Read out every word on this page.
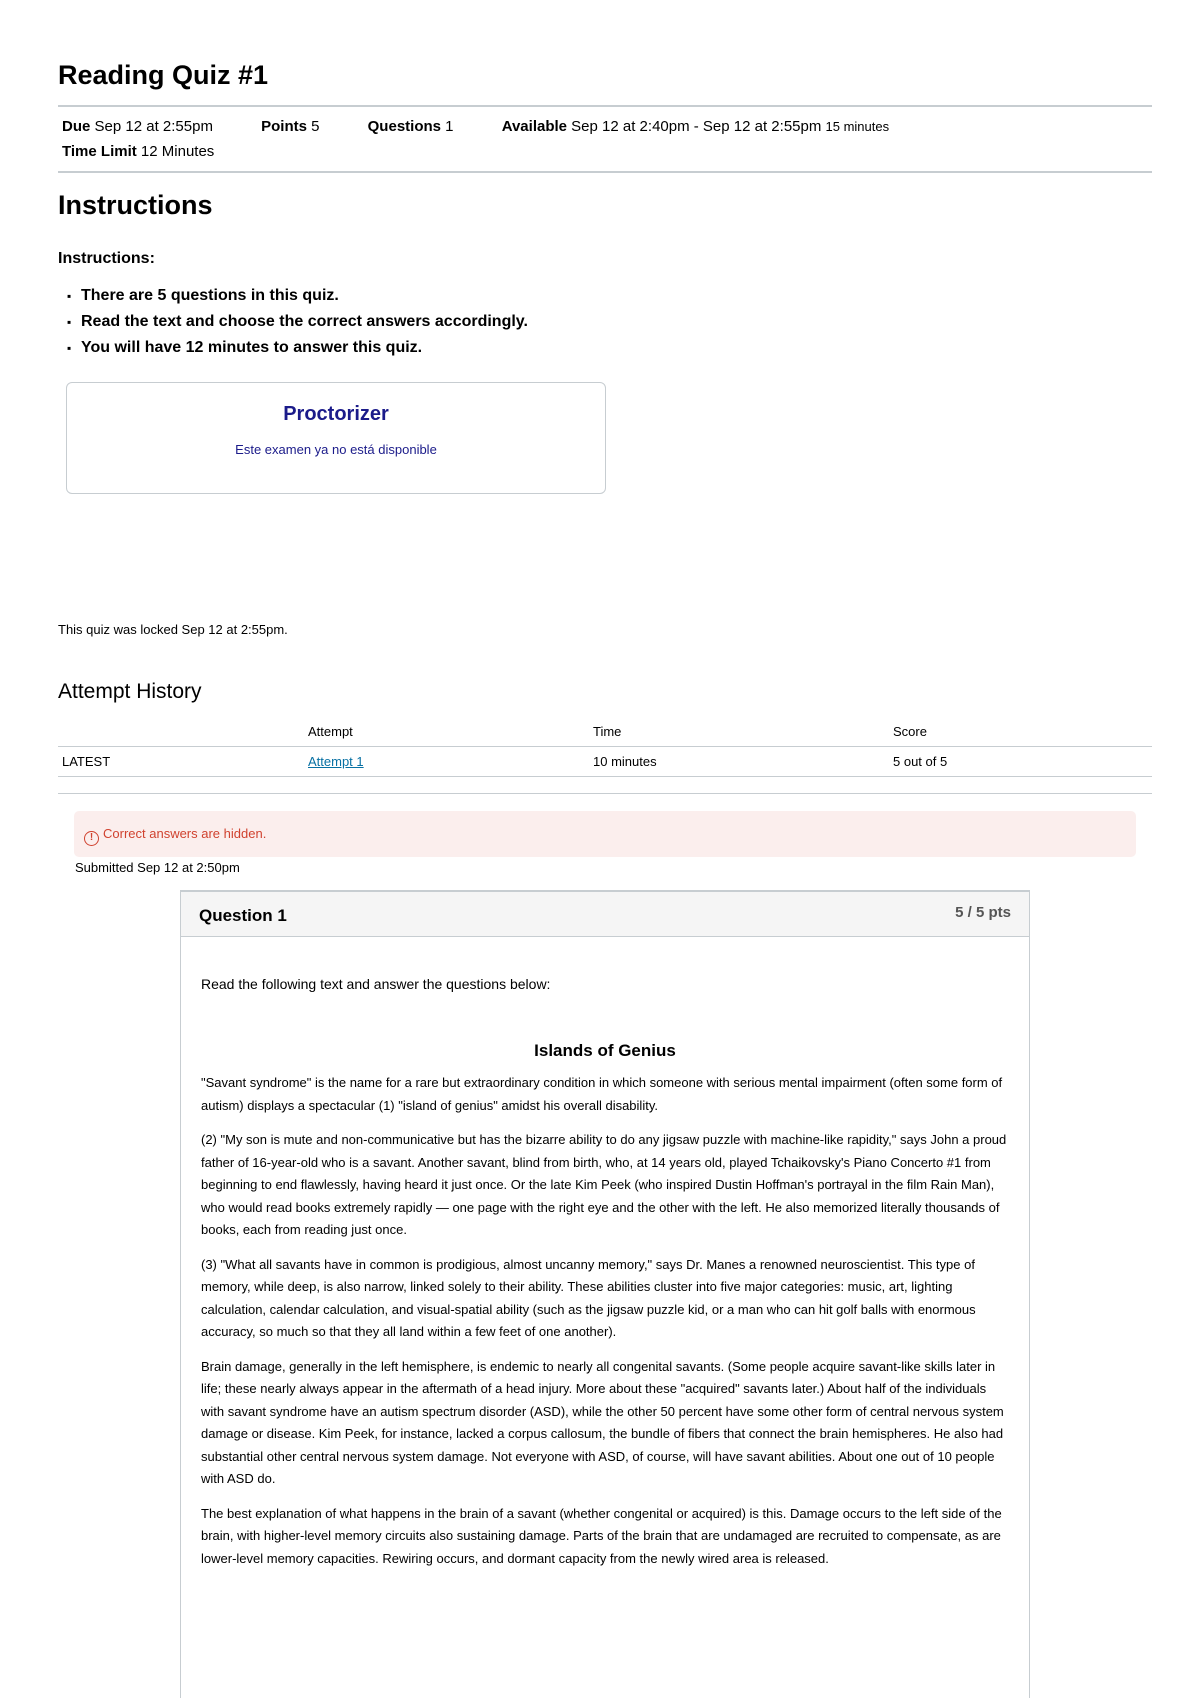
Reading Quiz #1
Due Sep 12 at 2:55pm	Points 5	Questions 1	Available Sep 12 at 2:40pm - Sep 12 at 2:55pm 15 minutes
Time Limit 12 Minutes
Instructions
Instructions:
▪ There are 5 questions in this quiz.
▪ Read the text and choose the correct answers accordingly.
▪ You will have 12 minutes to answer this quiz.
Proctorizer
Este examen ya no está disponible
This quiz was locked Sep 12 at 2:55pm.
Attempt History
	Attempt	Time	Score
LATEST	Attempt 1	10 minutes	5 out of 5
! Correct answers are hidden.
Submitted Sep 12 at 2:50pm
Question 1	5 / 5 pts
Read the following text and answer the questions below:
Islands of Genius

"Savant syndrome" is the name for a rare but extraordinary condition in which someone with serious mental impairment (often some form of autism) displays a spectacular (1) "island of genius" amidst his overall disability.

(2) "My son is mute and non-communicative but has the bizarre ability to do any jigsaw puzzle with machine-like rapidity," says John a proud father of 16-year-old who is a savant. Another savant, blind from birth, who, at 14 years old, played Tchaikovsky's Piano Concerto #1 from beginning to end flawlessly, having heard it just once. Or the late Kim Peek (who inspired Dustin Hoffman's portrayal in the film Rain Man), who would read books extremely rapidly — one page with the right eye and the other with the left. He also memorized literally thousands of books, each from reading just once.

(3) "What all savants have in common is prodigious, almost uncanny memory," says Dr. Manes a renowned neuroscientist. This type of memory, while deep, is also narrow, linked solely to their ability. These abilities cluster into five major categories: music, art, lighting calculation, calendar calculation, and visual-spatial ability (such as the jigsaw puzzle kid, or a man who can hit golf balls with enormous accuracy, so much so that they all land within a few feet of one another).

Brain damage, generally in the left hemisphere, is endemic to nearly all congenital savants. (Some people acquire savant-like skills later in life; these nearly always appear in the aftermath of a head injury. More about these "acquired" savants later.) About half of the individuals with savant syndrome have an autism spectrum disorder (ASD), while the other 50 percent have some other form of central nervous system damage or disease. Kim Peek, for instance, lacked a corpus callosum, the bundle of fibers that connect the brain hemispheres. He also had substantial other central nervous system damage. Not everyone with ASD, of course, will have savant abilities. About one out of 10 people with ASD do.

The best explanation of what happens in the brain of a savant (whether congenital or acquired) is this. Damage occurs to the left side of the brain, with higher-level memory circuits also sustaining damage. Parts of the brain that are undamaged are recruited to compensate, as are lower-level memory capacities. Rewiring occurs, and dormant capacity from the newly wired area is released.
